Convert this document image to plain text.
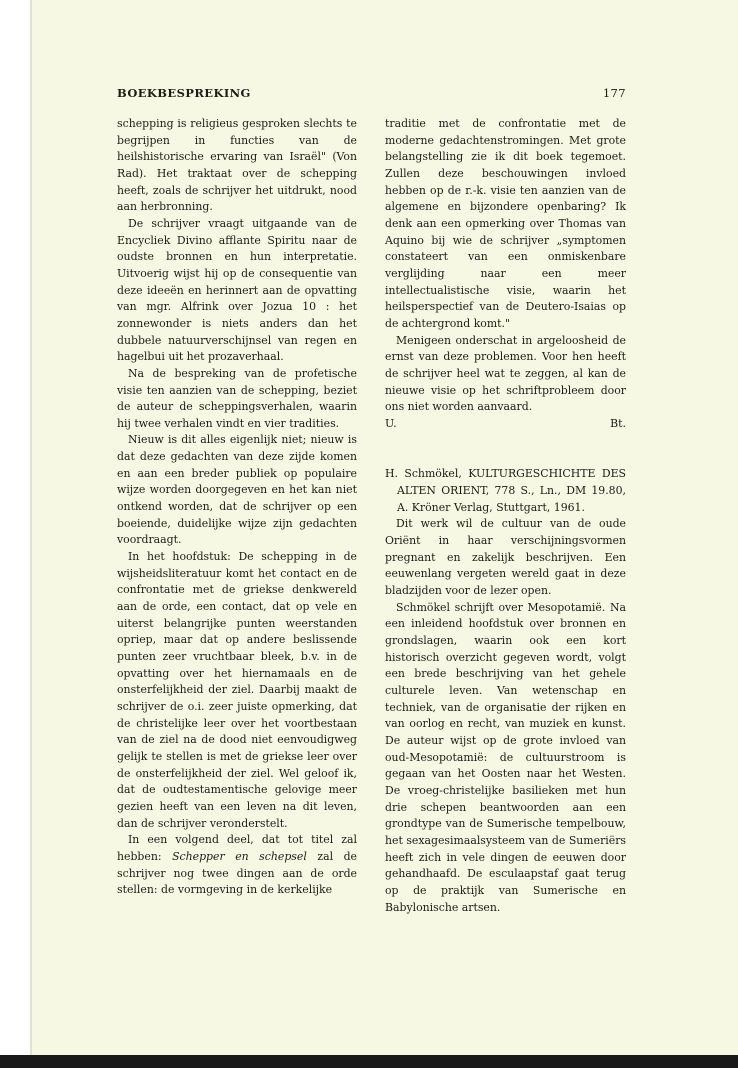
BOEKBESPREKING	177

schepping is religieus gesproken slechts te begrijpen in functies van de heilshistorische ervaring van Israël" (Von Rad). Het traktaat over de schepping heeft, zoals de schrijver het uitdrukt, nood aan herbronning.

De schrijver vraagt uitgaande van de Encycliek Divino afflante Spiritu naar de oudste bronnen en hun interpretatie. Uitvoerig wijst hij op de consequentie van deze ideeën en herinnert aan de opvatting van mgr. Alfrink over Jozua 10 : het zonnewonder is niets anders dan het dubbele natuurverschijnsel van regen en hagelbui uit het prozaverhaal.

Na de bespreking van de profetische visie ten aanzien van de schepping, beziet de auteur de scheppingsverhalen, waarin hij twee verhalen vindt en vier tradities.

Nieuw is dit alles eigenlijk niet; nieuw is dat deze gedachten van deze zijde komen en aan een breder publiek op populaire wijze worden doorgegeven en het kan niet ontkend worden, dat de schrijver op een boeiende, duidelijke wijze zijn gedachten voordraagt.

In het hoofdstuk: De schepping in de wijsheidsliteratuur komt het contact en de confrontatie met de griekse denkwereld aan de orde, een contact, dat op vele en uiterst belangrijke punten weerstanden opriep, maar dat op andere beslissende punten zeer vruchtbaar bleek, b.v. in de opvatting over het hiernamaals en de onsterfelijkheid der ziel. Daarbij maakt de schrijver de o.i. zeer juiste opmerking, dat de christelijke leer over het voortbestaan van de ziel na de dood niet eenvoudigweg gelijk te stellen is met de griekse leer over de onsterfelijkheid der ziel. Wel geloof ik, dat de oudtestamentische gelovige meer gezien heeft van een leven na dit leven, dan de schrijver veronderstelt.

In een volgend deel, dat tot titel zal hebben: Schepper en schepsel zal de schrijver nog twee dingen aan de orde stellen: de vormgeving in de kerkelijke

traditie met de confrontatie met de moderne gedachtenstromingen. Met grote belangstelling zie ik dit boek tegemoet. Zullen deze beschouwingen invloed hebben op de r.-k. visie ten aanzien van de algemene en bijzondere openbaring? Ik denk aan een opmerking over Thomas van Aquino bij wie de schrijver „symptomen constateert van een onmiskenbare verglijding naar een meer intellectualistische visie, waarin het heilsperspectief van de Deutero-Isaias op de achtergrond komt."

Menigeen onderschat in argeloosheid de ernst van deze problemen. Voor hen heeft de schrijver heel wat te zeggen, al kan de nieuwe visie op het schriftprobleem door ons niet worden aanvaard.

U.	Bt.

H. Schmökel, KULTURGESCHICHTE DES ALTEN ORIENT, 778 S., Ln., DM 19.80, A. Kröner Verlag, Stuttgart, 1961.

Dit werk wil de cultuur van de oude Oriënt in haar verschijningsvormen pregnant en zakelijk beschrijven. Een eeuwenlang vergeten wereld gaat in deze bladzijden voor de lezer open.

Schmökel schrijft over Mesopotamië. Na een inleidend hoofdstuk over bronnen en grondslagen, waarin ook een kort historisch overzicht gegeven wordt, volgt een brede beschrijving van het gehele culturele leven. Van wetenschap en techniek, van de organisatie der rijken en van oorlog en recht, van muziek en kunst. De auteur wijst op de grote invloed van oud-Mesopotamië: de cultuurstroom is gegaan van het Oosten naar het Westen. De vroeg-christelijke basilieken met hun drie schepen beantwoorden aan een grondtype van de Sumerische tempelbouw, het sexagesimaalsysteem van de Sumeriërs heeft zich in vele dingen de eeuwen door gehandhaafd. De esculaapstaf gaat terug op de praktijk van Sumerische en Babylonische artsen.
